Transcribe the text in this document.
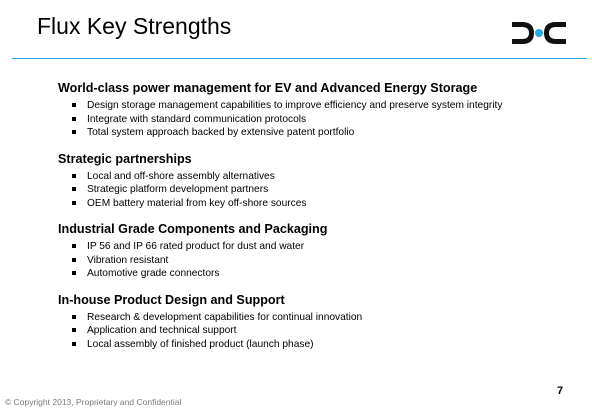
Flux Key Strengths
World-class power management for EV and Advanced Energy Storage
Design storage management capabilities to improve efficiency and preserve system integrity
Integrate with standard communication protocols
Total system approach backed by extensive patent portfolio
Strategic partnerships
Local and off-shore assembly alternatives
Strategic platform development partners
OEM battery material from key off-shore sources
Industrial Grade Components and Packaging
IP 56 and IP 66 rated product for dust and water
Vibration resistant
Automotive grade connectors
In-house Product Design and Support
Research & development capabilities for continual innovation
Application and technical support
Local assembly of finished product (launch phase)
7
© Copyright 2013, Proprietary and Confidential
